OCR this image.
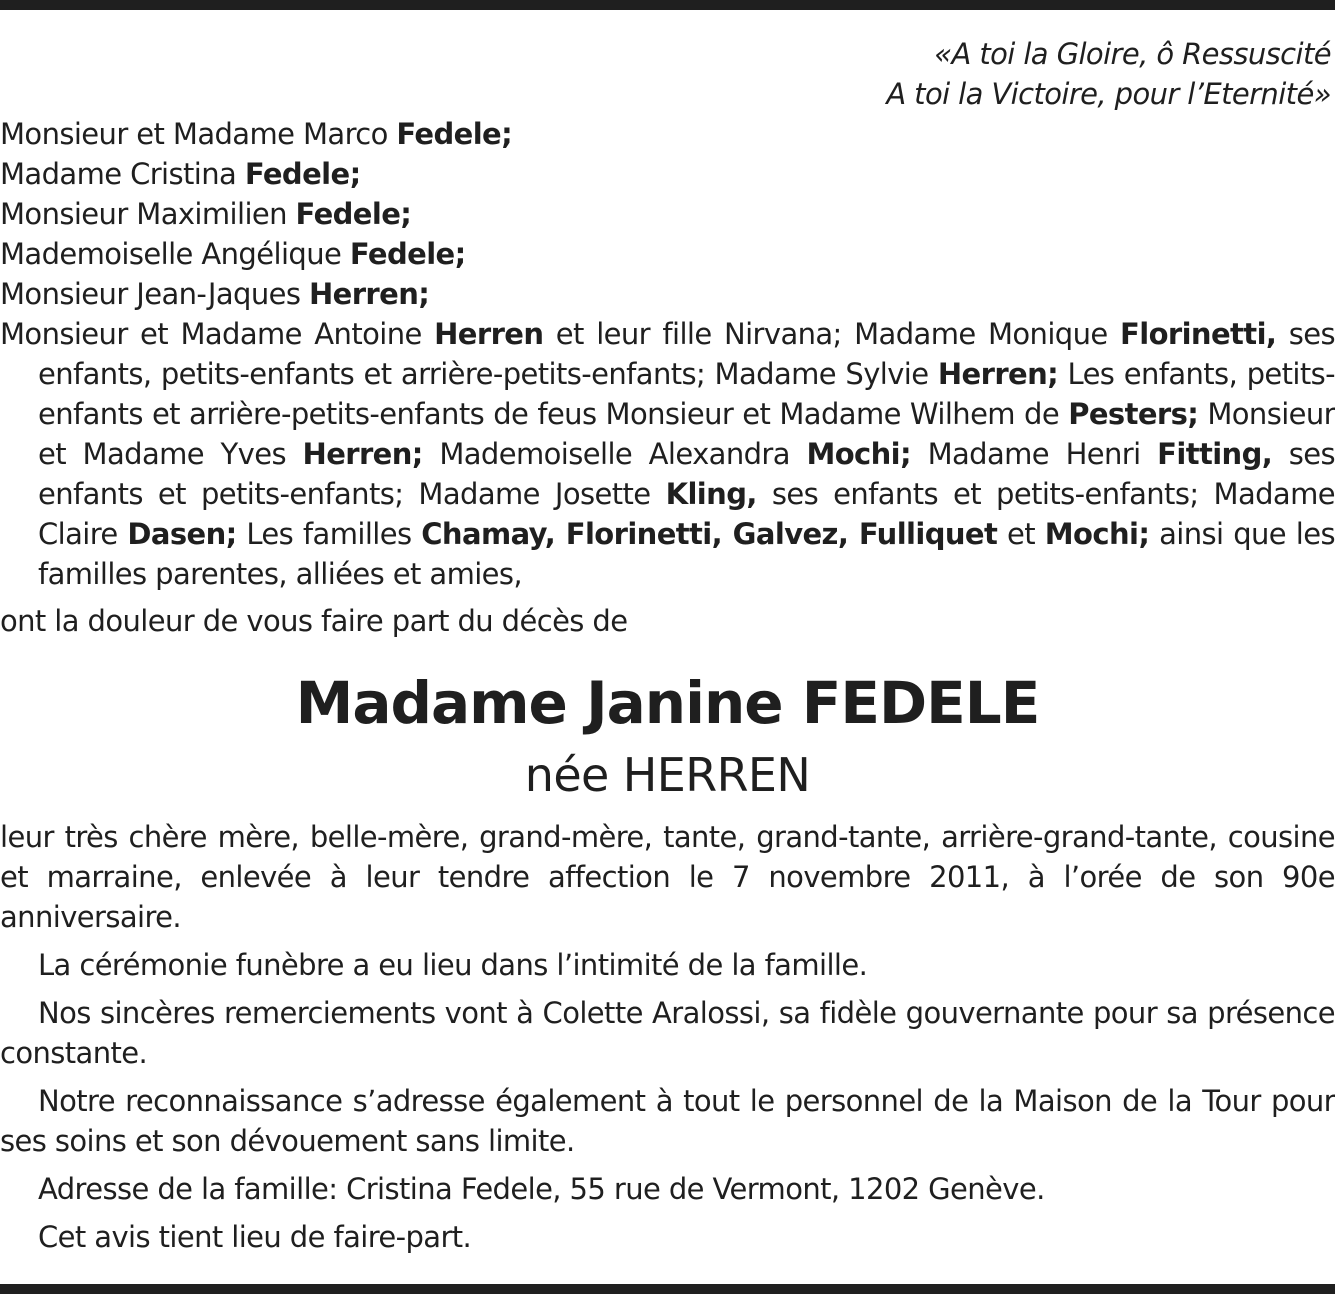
«A toi la Gloire, ô Ressuscité
A toi la Victoire, pour l’Eternité»
Monsieur et Madame Marco Fedele;
Madame Cristina Fedele;
Monsieur Maximilien Fedele;
Mademoiselle Angélique Fedele;
Monsieur Jean-Jaques Herren;
Monsieur et Madame Antoine Herren et leur fille Nirvana; Madame Monique Florinetti, ses enfants, petits-enfants et arrière-petits-enfants; Madame Sylvie Herren; Les enfants, petits-enfants et arrière-petits-enfants de feus Monsieur et Madame Wilhem de Pesters; Monsieur et Madame Yves Herren; Mademoiselle Alexandra Mochi; Madame Henri Fitting, ses enfants et petits-enfants; Madame Josette Kling, ses enfants et petits-enfants; Madame Claire Dasen; Les familles Chamay, Florinetti, Galvez, Fulliquet et Mochi; ainsi que les familles parentes, alliées et amies,
ont la douleur de vous faire part du décès de
Madame Janine FEDELE
née HERREN
leur très chère mère, belle-mère, grand-mère, tante, grand-tante, arrière-grand-tante, cousine et marraine, enlevée à leur tendre affection le 7 novembre 2011, à l’orée de son 90e anniversaire.
La cérémonie funèbre a eu lieu dans l’intimité de la famille.
Nos sincères remerciements vont à Colette Aralossi, sa fidèle gouvernante pour sa présence constante.
Notre reconnaissance s’adresse également à tout le personnel de la Maison de la Tour pour ses soins et son dévouement sans limite.
Adresse de la famille: Cristina Fedele, 55 rue de Vermont, 1202 Genève.
Cet avis tient lieu de faire-part.
